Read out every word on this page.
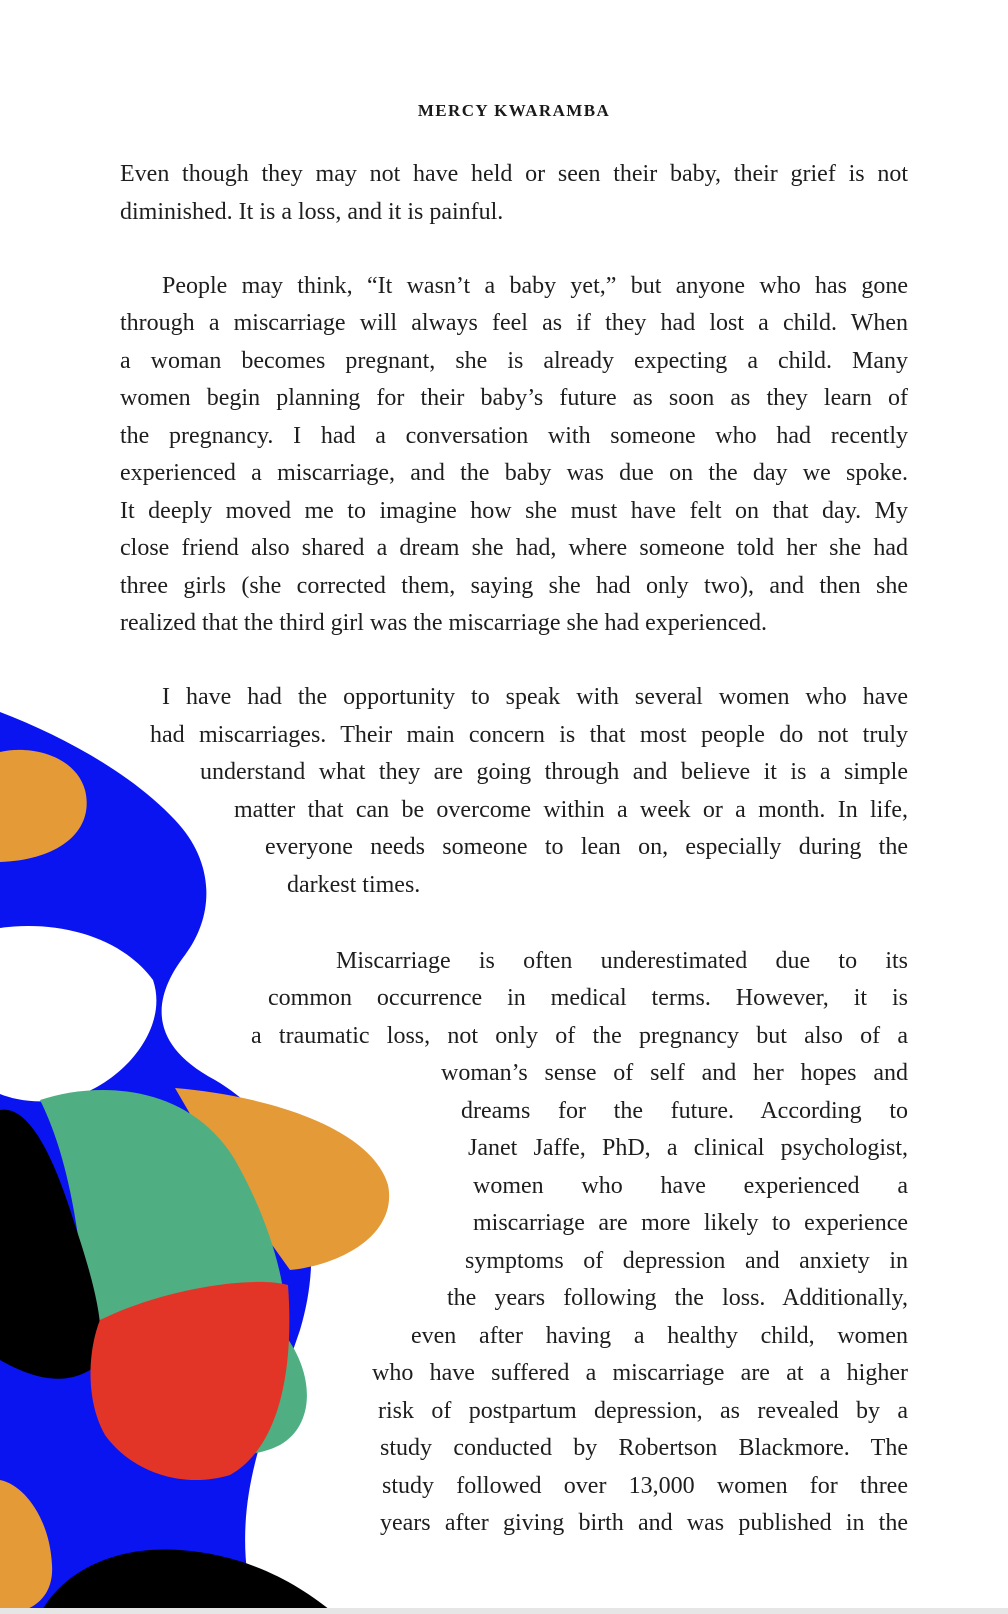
MERCY KWARAMBA
Even though they may not have held or seen their baby, their grief is not
diminished. It is a loss, and it is painful.
People may think, “It wasn’t a baby yet,” but anyone who has gone
through a miscarriage will always feel as if they had lost a child. When
a woman becomes pregnant, she is already expecting a child. Many
women begin planning for their baby’s future as soon as they learn of
the pregnancy. I had a conversation with someone who had recently
experienced a miscarriage, and the baby was due on the day we spoke.
It deeply moved me to imagine how she must have felt on that day. My
close friend also shared a dream she had, where someone told her she had
three girls (she corrected them, saying she had only two), and then she
realized that the third girl was the miscarriage she had experienced.
I have had the opportunity to speak with several women who have
had miscarriages. Their main concern is that most people do not truly
understand what they are going through and believe it is a simple
matter that can be overcome within a week or a month. In life,
everyone needs someone to lean on, especially during the
darkest times.
Miscarriage is often underestimated due to its
common occurrence in medical terms. However, it is
a traumatic loss, not only of the pregnancy but also of a
woman’s sense of self and her hopes and
dreams for the future. According to
Janet Jaffe, PhD, a clinical psychologist,
women who have experienced a
miscarriage are more likely to experience
symptoms of depression and anxiety in
the years following the loss. Additionally,
even after having a healthy child, women
who have suffered a miscarriage are at a higher
risk of postpartum depression, as revealed by a
study conducted by Robertson Blackmore. The
study followed over 13,000 women for three
years after giving birth and was published in the
